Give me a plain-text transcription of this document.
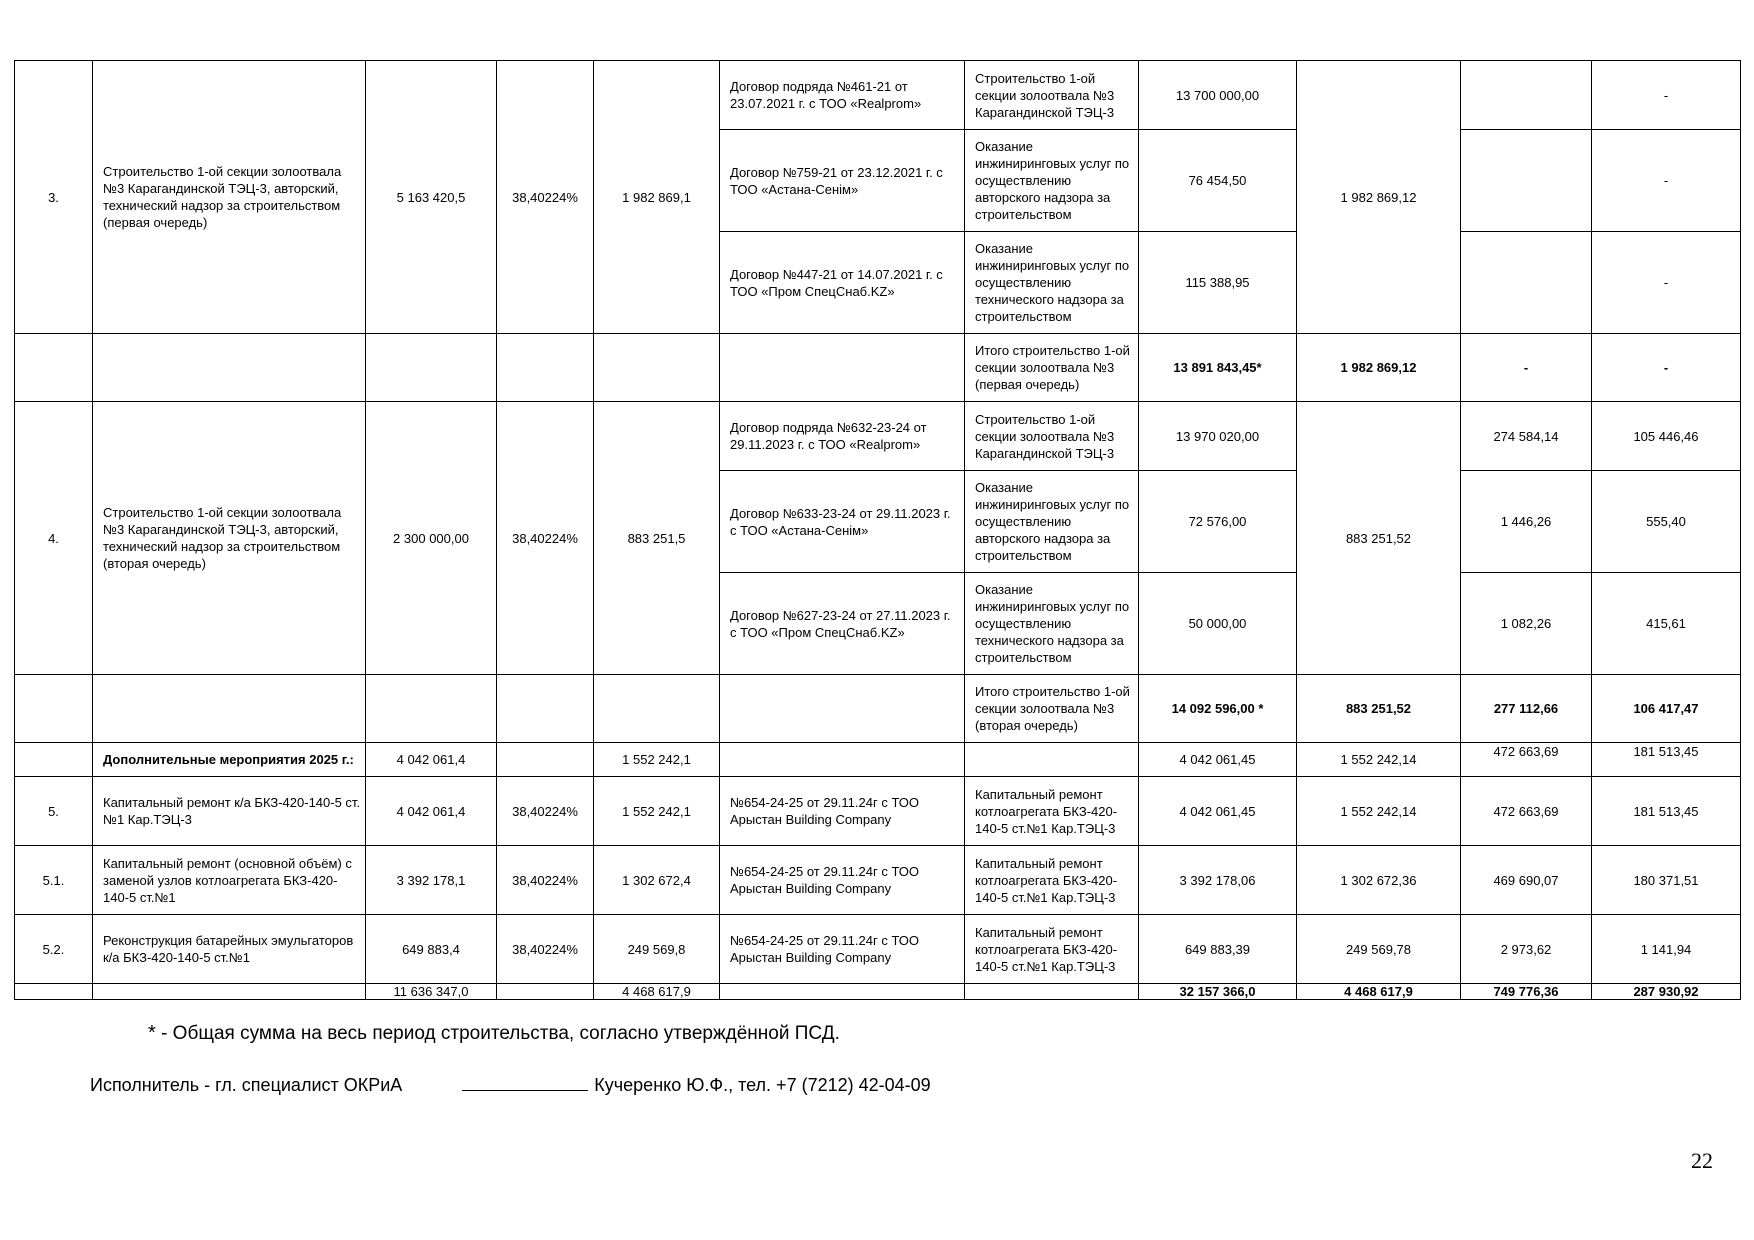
3.	Строительство 1-ой секции золоотвала №3 Карагандинской ТЭЦ-3, авторский, технический надзор за строительством (первая очередь)	5 163 420,5	38,40224%	1 982 869,1	Договор подряда №461-21 от 23.07.2021 г. с ТОО «Realprom»	Строительство 1-ой секции золоотвала №3 Карагандинской ТЭЦ-3	13 700 000,00	1 982 869,12		-
					Договор №759-21 от 23.12.2021 г. с ТОО «Астана-Сенім»	Оказание инжиниринговых услуг по осуществлению авторского надзора за строительством	76 454,50			-
					Договор №447-21 от 14.07.2021 г. с ТОО «Пром СпецСнаб.KZ»	Оказание инжиниринговых услуг по осуществлению технического надзора за строительством	115 388,95			-
						Итого строительство 1-ой секции золоотвала №3 (первая очередь)	13 891 843,45*	1 982 869,12	-	-
4.	Строительство 1-ой секции золоотвала №3 Карагандинской ТЭЦ-3, авторский, технический надзор за строительством (вторая очередь)	2 300 000,00	38,40224%	883 251,5	Договор подряда №632-23-24 от 29.11.2023 г. с ТОО «Realprom»	Строительство 1-ой секции золоотвала №3 Карагандинской ТЭЦ-3	13 970 020,00	883 251,52	274 584,14	105 446,46
					Договор №633-23-24 от 29.11.2023 г. с ТОО «Астана-Сенім»	Оказание инжиниринговых услуг по осуществлению авторского надзора за строительством	72 576,00		1 446,26	555,40
					Договор №627-23-24 от 27.11.2023 г. с ТОО «Пром СпецСнаб.KZ»	Оказание инжиниринговых услуг по осуществлению технического надзора за строительством	50 000,00		1 082,26	415,61
						Итого строительство 1-ой секции золоотвала №3 (вторая очередь)	14 092 596,00 *	883 251,52	277 112,66	106 417,47
	Дополнительные мероприятия 2025 г.:	4 042 061,4		1 552 242,1			4 042 061,45	1 552 242,14	472 663,69	181 513,45
5.	Капитальный ремонт к/а БКЗ-420-140-5 ст.№1 Кар.ТЭЦ-3	4 042 061,4	38,40224%	1 552 242,1	№654-24-25 от 29.11.24г с ТОО Арыстан Building Company	Капитальный ремонт котлоагрегата БКЗ-420-140-5 ст.№1 Кар.ТЭЦ-3	4 042 061,45	1 552 242,14	472 663,69	181 513,45
5.1.	Капитальный ремонт (основной объём) с заменой узлов котлоагрегата БКЗ-420-140-5 ст.№1	3 392 178,1	38,40224%	1 302 672,4	№654-24-25 от 29.11.24г с ТОО Арыстан Building Company	Капитальный ремонт котлоагрегата БКЗ-420-140-5 ст.№1 Кар.ТЭЦ-3	3 392 178,06	1 302 672,36	469 690,07	180 371,51
5.2.	Реконструкция батарейных эмульгаторов к/а БКЗ-420-140-5 ст.№1	649 883,4	38,40224%	249 569,8	№654-24-25 от 29.11.24г с ТОО Арыстан Building Company	Капитальный ремонт котлоагрегата БКЗ-420-140-5 ст.№1 Кар.ТЭЦ-3	649 883,39	249 569,78	2 973,62	1 141,94
		11 636 347,0		4 468 617,9			32 157 366,0	4 468 617,9	749 776,36	287 930,92
* - Общая сумма на весь период строительства, согласно утверждённой ПСД.
Исполнитель - гл. специалист ОКРиА	Кучеренко Ю.Ф., тел. +7 (7212) 42-04-09
22
